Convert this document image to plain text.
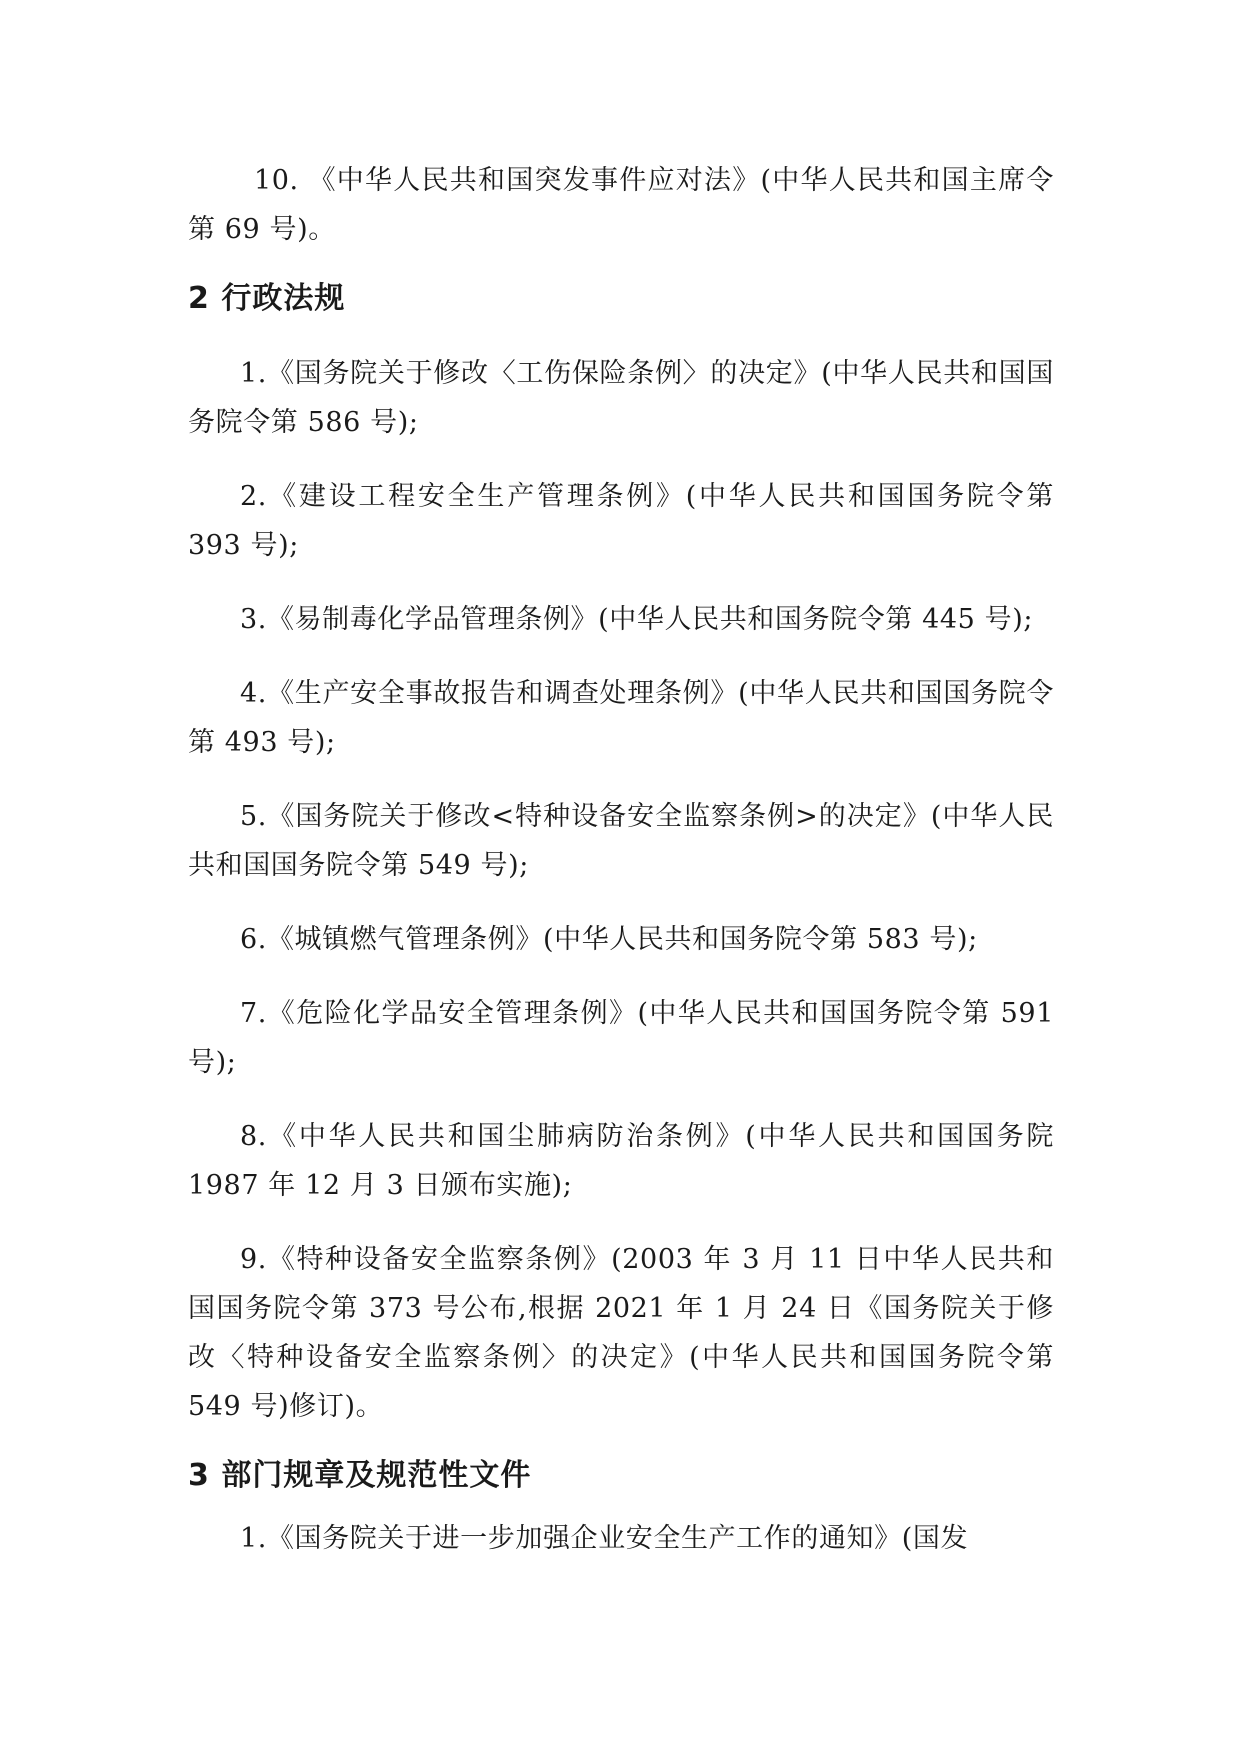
10. 《中华人民共和国突发事件应对法》(中华人民共和国主席令第 69 号)。

2 行政法规

1.《国务院关于修改〈工伤保险条例〉的决定》(中华人民共和国国务院令第 586 号);

2.《建设工程安全生产管理条例》(中华人民共和国国务院令第 393 号);

3.《易制毒化学品管理条例》(中华人民共和国务院令第 445 号);

4.《生产安全事故报告和调查处理条例》(中华人民共和国国务院令第 493 号);

5.《国务院关于修改<特种设备安全监察条例>的决定》(中华人民共和国国务院令第 549 号);

6.《城镇燃气管理条例》(中华人民共和国务院令第 583 号);

7.《危险化学品安全管理条例》(中华人民共和国国务院令第 591 号);

8.《中华人民共和国尘肺病防治条例》(中华人民共和国国务院 1987 年 12 月 3 日颁布实施);

9.《特种设备安全监察条例》(2003 年 3 月 11 日中华人民共和国国务院令第 373 号公布,根据 2021 年 1 月 24 日《国务院关于修改〈特种设备安全监察条例〉的决定》(中华人民共和国国务院令第 549 号)修订)。

3 部门规章及规范性文件

1.《国务院关于进一步加强企业安全生产工作的通知》(国发
